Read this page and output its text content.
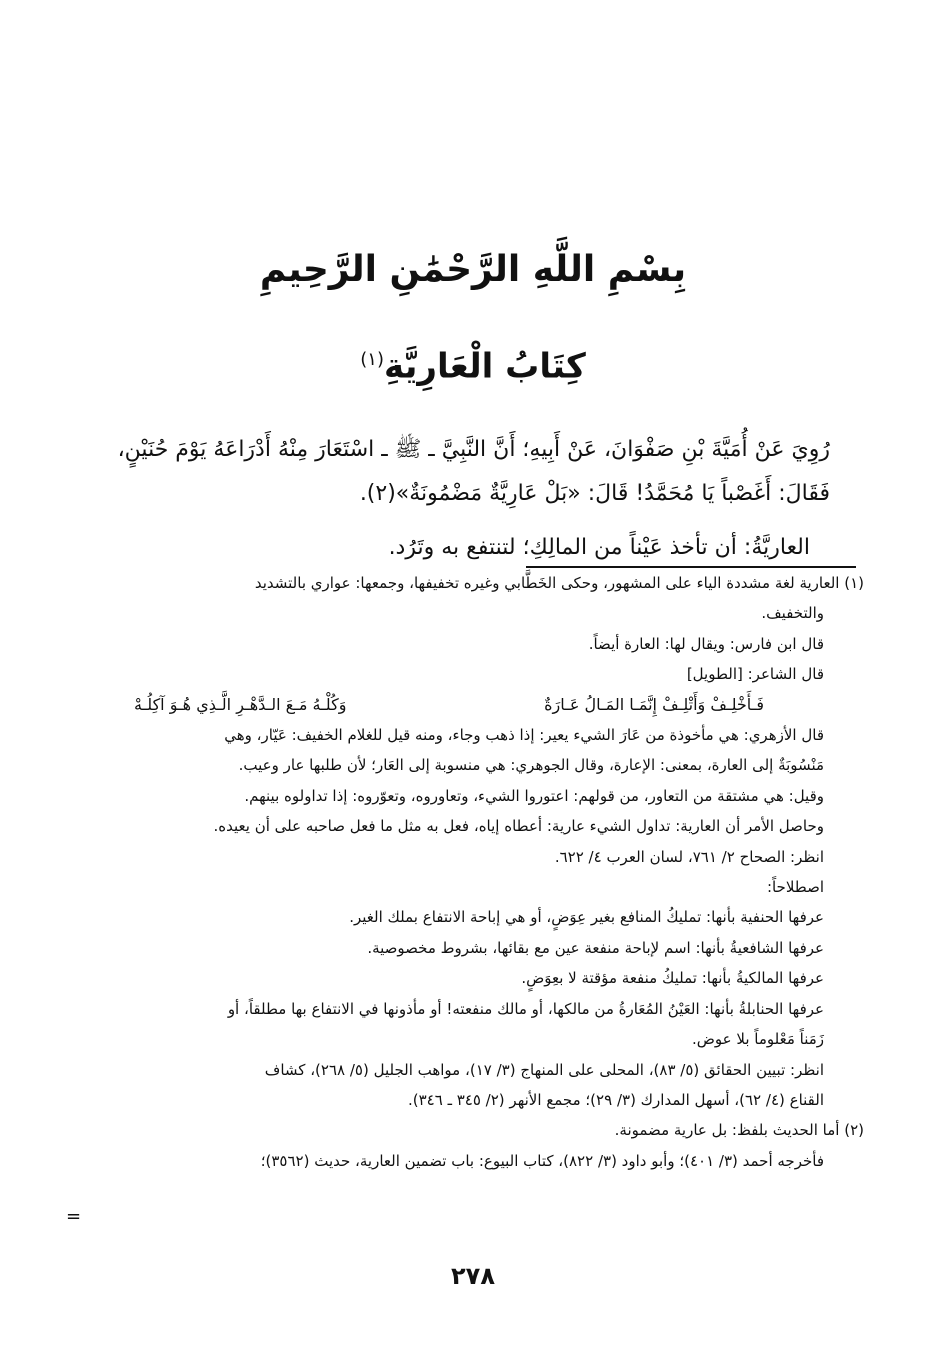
بِسْمِ اللَّهِ الرَّحْمَٰنِ الرَّحِيمِ
كِتَابُ الْعَارِيَّةِ$^{(١)}$

رُوِيَ عَنْ أُمَيَّةَ بْنِ صَفْوَانَ، عَنْ أَبِيهِ؛ أَنَّ النَّبِيَّ ـ ﷺ ـ اسْتَعَارَ مِنْهُ أَدْرَاعَهُ يَوْمَ حُنَيْنٍ،

فَقَالَ: أَغَصْباً يَا مُحَمَّدُ! قَالَ: «بَلْ عَارِيَّةٌ مَضْمُونَةٌ»(٢).

العاريَّةُ: أن تأخذ عَيْناً من المالِكِ؛ لتنتفع به وتَرُد.

(١) العارية لغة مشددة الياء على المشهور، وحكى الخَطَّابي وغيره تخفيفها، وجمعها: عواري بالتشديد

والتخفيف.

قال ابن فارس: ويقال لها: العارة أيضاً.

قال الشاعر: [الطويل]

فَـأَخْلِـفْ وَأَتْلِـفْ إِنَّمَـا المَـالُ عَـارَةٌ
وَكُلْـهُ مَـعَ الـدَّهْـرِ الَّـذِي هُـوَ آكِلُـهْ

قال الأزهري: هي مأخوذة من عَارَ الشيء يعير: إذا ذهب وجاء، ومنه قيل للغلام الخفيف: عَيّار، وهي

مَنْسُوبَةٌ إلى العارة، بمعنى: الإعارة، وقال الجوهري: هي منسوبة إلى العَار؛ لأن طلبها عار وعيب.

وقيل: هي مشتقة من التعاور، من قولهم: اعتوروا الشيء، وتعاوروه، وتعوّروه: إذا تداولوه بينهم.

وحاصل الأمر أن العارية: تداول الشيء عارية: أعطاه إياه، فعل به مثل ما فعل صاحبه على أن يعيده.

انظر: الصحاح ٢/ ٧٦١، لسان العرب ٤/ ٦٢٢.

اصطلاحاً:

عرفها الحنفية بأنها: تمليكُ المنافع بغير عِوَضٍ، أو هي إباحة الانتفاع بملك الغير.

عرفها الشافعيةُ بأنها: اسم لإباحة منفعة عين مع بقائها، بشروط مخصوصية.

عرفها المالكيةُ بأنها: تمليكُ منفعة مؤقتة لا بعِوَضٍ.

عرفها الحنابلةُ بأنها: العَيْنُ المُعَارةُ من مالكها، أو مالك منفعته! أو مأذونها في الانتفاع بها مطلقاً، أو

زَمَناً مَعْلوماً بلا عوض.

انظر: تبيين الحقائق (٥/ ٨٣)، المحلى على المنهاج (٣/ ١٧)، مواهب الجليل (٥/ ٢٦٨)، كشاف

القناع (٤/ ٦٢)، أسهل المدارك (٣/ ٢٩)؛ مجمع الأنهر (٢/ ٣٤٥ ـ ٣٤٦).

(٢) أما الحديث بلفظ: بل عارية مضمونة.

فأخرجه أحمد (٣/ ٤٠١)؛ وأبو داود (٣/ ٨٢٢)، كتاب البيوع: باب تضمين العارية، حديث (٣٥٦٢)؛

=
٢٧٨
